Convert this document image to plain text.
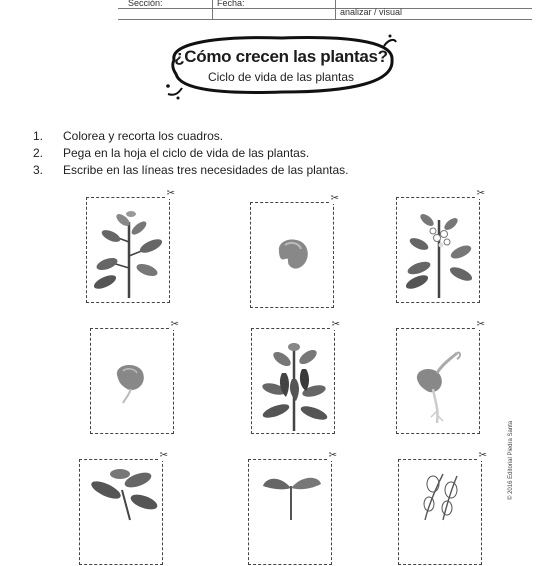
Sección:	Fecha:
analizar / visual
¿Cómo crecen las plantas?
Ciclo de vida de las plantas
1. Colorea y recorta los cuadros.
2. Pega en la hoja el ciclo de vida de las plantas.
3. Escribe en las líneas tres necesidades de las plantas.
✂	✂	✂
✂	✂	✂
✂	✂	✂	© 2016 Editorial Piedra Santa
